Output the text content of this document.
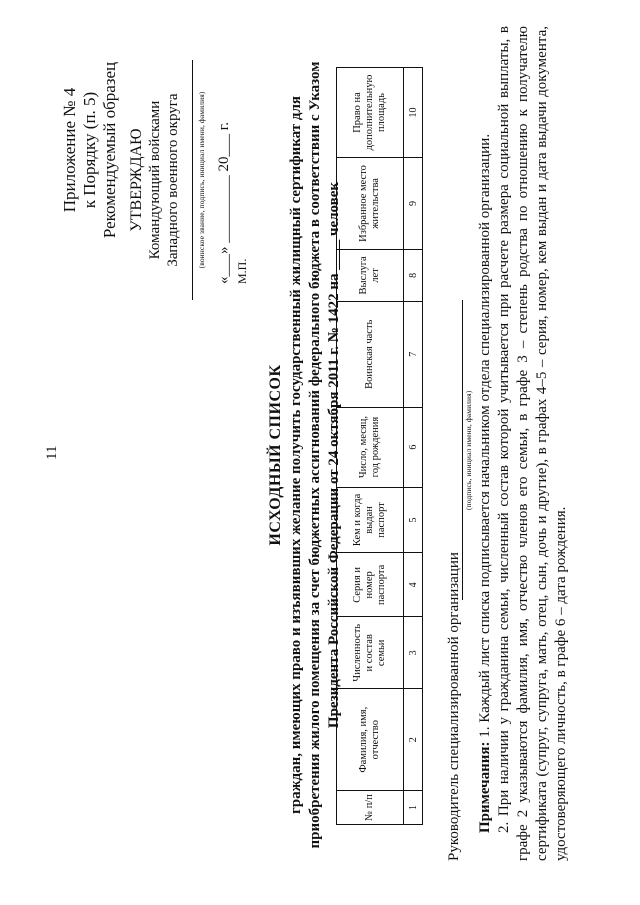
11
Приложение № 4 к Порядку (п. 5) Рекомендуемый образец УТВЕРЖДАЮ Командующий войсками Западного военного округа	(воинское звание, подпись, инициал имени, фамилия) «___» _________ 20___ г. М.П.
ИСХОДНЫЙ СПИСОК граждан, имеющих право и изъявивших желание получить государственный жилищный сертификат для приобретения жилого помещения за счет бюджетных ассигнований федерального бюджета в соответствии с Указом Президента Российской Федерации от 24 октября 2011 г. № 1422 на ____ человек
№ п/п	Фамилия, имя, отчество	Численность и состав семьи	Серия и номер паспорта	Кем и когда выдан паспорт	Число, месяц, год рождения	Воинская часть	Выслуга лет	Избранное место жительства	Право на дополнительную площадь
1	2	3	4	5	6	7	8	9	10
Руководитель специализированной организации
(подпись, инициал имени, фамилия)
Примечания: 1. Каждый лист списка подписывается начальником отдела специализированной организации. 2. При наличии у гражданина семьи, численный состав которой учитывается при расчете размера социальной выплаты, в графе 2 указываются фамилия, имя, отчество членов его семьи, в графе 3 – степень родства по отношению к получателю сертификата (супруг, супруга, мать, отец, сын, дочь и другие), в графах 4–5 – серия, номер, кем выдан и дата выдачи документа, удостоверяющего личность, в графе 6 – дата рождения.
